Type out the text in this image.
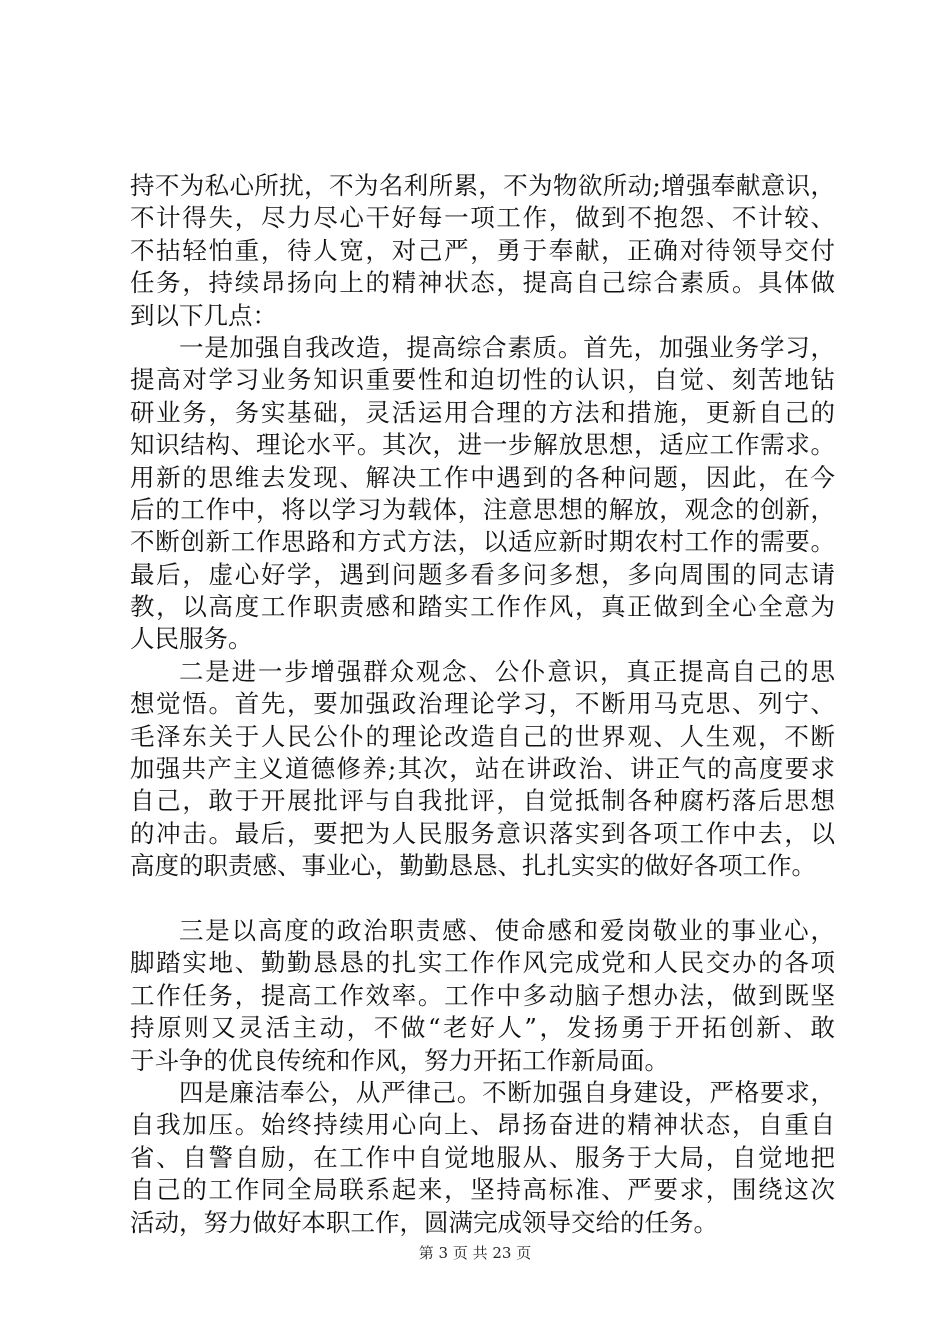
持不为私心所扰，不为名利所累，不为物欲所动;增强奉献意识，
不计得失，尽力尽心干好每一项工作，做到不抱怨、不计较、
不拈轻怕重，待人宽，对己严，勇于奉献，正确对待领导交付
任务，持续昂扬向上的精神状态，提高自己综合素质。具体做
到以下几点：
一是加强自我改造，提高综合素质。首先，加强业务学习，
提高对学习业务知识重要性和迫切性的认识，自觉、刻苦地钻
研业务，务实基础，灵活运用合理的方法和措施，更新自己的
知识结构、理论水平。其次，进一步解放思想，适应工作需求。
用新的思维去发现、解决工作中遇到的各种问题，因此，在今
后的工作中，将以学习为载体，注意思想的解放，观念的创新，
不断创新工作思路和方式方法，以适应新时期农村工作的需要。
最后，虚心好学，遇到问题多看多问多想，多向周围的同志请
教，以高度工作职责感和踏实工作作风，真正做到全心全意为
人民服务。
二是进一步增强群众观念、公仆意识，真正提高自己的思
想觉悟。首先，要加强政治理论学习，不断用马克思、列宁、
毛泽东关于人民公仆的理论改造自己的世界观、人生观，不断
加强共产主义道德修养;其次，站在讲政治、讲正气的高度要求
自己，敢于开展批评与自我批评，自觉抵制各种腐朽落后思想
的冲击。最后，要把为人民服务意识落实到各项工作中去，以
高度的职责感、事业心，勤勤恳恳、扎扎实实的做好各项工作。
三是以高度的政治职责感、使命感和爱岗敬业的事业心，
脚踏实地、勤勤恳恳的扎实工作作风完成党和人民交办的各项
工作任务，提高工作效率。工作中多动脑子想办法，做到既坚
持原则又灵活主动，不做“老好人”，发扬勇于开拓创新、敢
于斗争的优良传统和作风，努力开拓工作新局面。
四是廉洁奉公，从严律己。不断加强自身建设，严格要求，
自我加压。始终持续用心向上、昂扬奋进的精神状态，自重自
省、自警自励，在工作中自觉地服从、服务于大局，自觉地把
自己的工作同全局联系起来，坚持高标准、严要求，围绕这次
活动，努力做好本职工作，圆满完成领导交给的任务。
第 3 页 共 23 页
